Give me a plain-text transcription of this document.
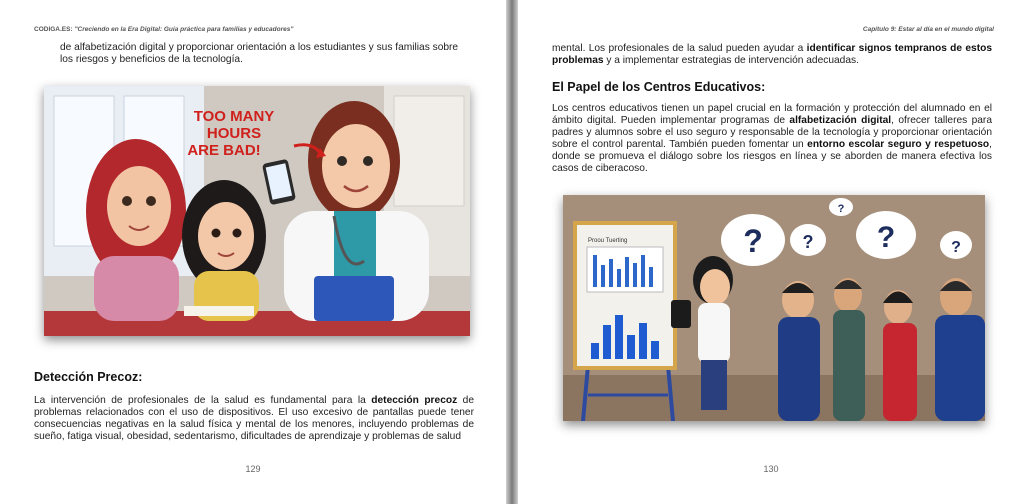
CODIGA.ES: "Creciendo en la Era Digital: Guía práctica para familias y educadores"
de alfabetización digital y proporcionar orientación a los estudiantes y sus familias sobre
los riesgos y beneficios de la tecnología.
TOO MANY
HOURS
ARE BAD!
Detección Precoz:
La intervención de profesionales de la salud es fundamental para la detección precoz de problemas relacionados con el uso de dispositivos. El uso excesivo de pantallas puede tener consecuencias negativas en la salud física y mental de los menores, incluyendo problemas de sueño, fatiga visual, obesidad, sedentarismo, dificultades de aprendizaje y problemas de salud
129
Capítulo 9: Estar al día en el mundo digital
mental. Los profesionales de la salud pueden ayudar a identificar signos tempranos de estos problemas y a implementar estrategias de intervención adecuadas.
El Papel de los Centros Educativos:
Los centros educativos tienen un papel crucial en la formación y protección del alumnado en el ámbito digital. Pueden implementar programas de alfabetización digital, ofrecer talleres para padres y alumnos sobre el uso seguro y responsable de la tecnología y proporcionar orientación sobre el control parental. También pueden fomentar un entorno escolar seguro y respetuoso, donde se promueva el diálogo sobre los riesgos en línea y se aborden de manera efectiva los casos de ciberacoso.
Proou Tuerting	? ?
?
?	?
130
